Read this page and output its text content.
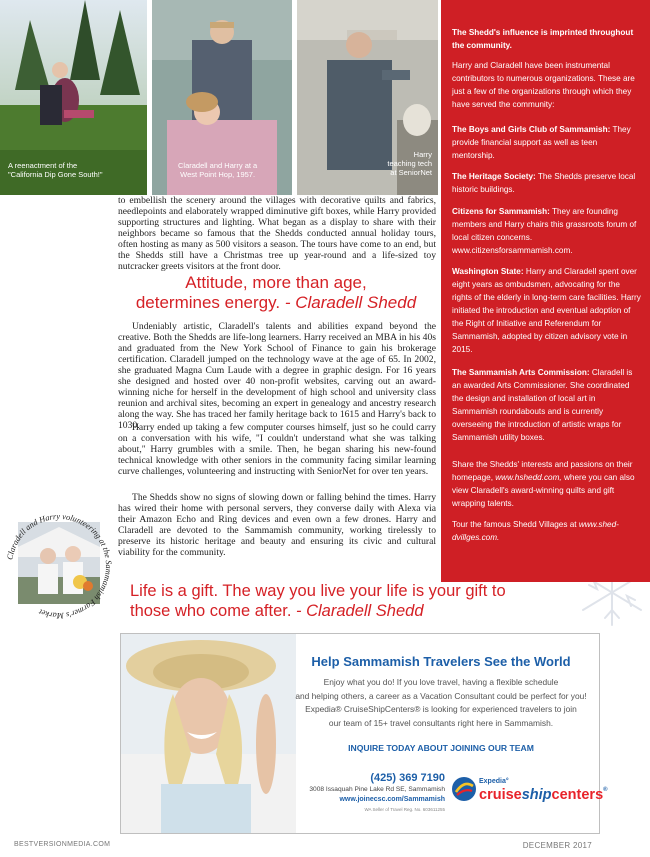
A reenactment of the
"California Dip Gone South!"
Claradell and Harry at a
West Point Hop, 1957.
Harry
teaching tech
at SeniorNet

to embellish the scenery around the villages with decorative quilts and fabrics, needlepoints and elaborately wrapped diminutive gift boxes, while Harry provided supporting structures and lighting. What began as a display to share with their neighbors became so famous that the Shedds conducted annual holiday tours, often hosting as many as 500 visitors a season. The tours have come to an end, but the Shedds still have a Christmas tree up year-round and a life-sized toy nutcracker greets visitors at the front door.

Attitude, more than age,
determines energy. - Claradell Shedd

Undeniably artistic, Claradell's talents and abilities expand beyond the creative. Both the Shedds are life-long learners. Harry received an MBA in his 40s and graduated from the New York School of Finance to gain his brokerage certification. Claradell jumped on the technology wave at the age of 65. In 2002, she graduated Magna Cum Laude with a degree in graphic design. For 16 years she designed and hosted over 40 non-profit websites, carving out an award-winning niche for herself in the development of high school and university class reunion and archival sites, becoming an expert in genealogy and ancestry research along the way. She has traced her family heritage back to 1615 and Harry's back to 1030.

Harry ended up taking a few computer courses himself, just so he could carry on a conversation with his wife, "I couldn't understand what she was talking about," Harry grumbles with a smile. Then, he began sharing his new-found technical knowledge with other seniors in the community facing similar learning curve challenges, volunteering and instructing with SeniorNet for over ten years.

Claradell and Harry volunteering at the Sammamish Farmer's Market

The Shedds show no signs of slowing down or falling behind the times. Harry has wired their home with personal servers, they converse daily with Alexa via their Amazon Echo and Ring devices and even own a few drones. Harry and Claradell are devoted to the Sammamish community, working tirelessly to preserve its historic heritage and beauty and ensuring its civic and cultural viability for the community.

Life is a gift. The way you live your life is your gift to
those who come after. - Claradell Shedd

The Shedd's influence is imprinted throughout the community.

Harry and Claradell have been instrumental contributors to numerous organizations. These are just a few of the organizations through which they have served the community:

The Boys and Girls Club of Sammamish: They provide financial support as well as teen mentorship.

The Heritage Society: The Shedds preserve local historic buildings.

Citizens for Sammamish: They are founding members and Harry chairs this grassroots forum of local citizen concerns. www.citizensforsammamish.com.

Washington State: Harry and Claradell spent over eight years as ombudsmen, advocating for the rights of the elderly in long-term care facilities. Harry initiated the introduction and eventual adoption of the Right of Initiative and Referendum for Sammamish, adopted by citizen advisory vote in 2015.

The Sammamish Arts Commission: Claradell is an awarded Arts Commissioner. She coordinated the design and installation of local art in Sammamish roundabouts and is currently overseeing the introduction of artistic wraps for Sammamish utility boxes.

Share the Shedds' interests and passions on their homepage, www.hshedd.com, where you can also view Claradell's award-winning quilts and gift wrapping talents.

Tour the famous Shedd Villages at www.shed-dvillges.com.

Help Sammamish Travelers See the World
Enjoy what you do! If you love travel, having a flexible schedule
and helping others, a career as a Vacation Consultant could be perfect for you!
Expedia® CruiseShipCenters® is looking for experienced travelers to join
our team of 15+ travel consultants right here in Sammamish.
INQUIRE TODAY ABOUT JOINING OUR TEAM
(425) 369 7190
3008 Issaquah Pine Lake Rd SE, Sammamish
www.joinecsc.com/Sammamish
WA Seller of Travel Reg. No. 603611255
Expedia°
cruiseshipcenters®
BESTVERSIONMEDIA.COM	DECEMBER 2017
